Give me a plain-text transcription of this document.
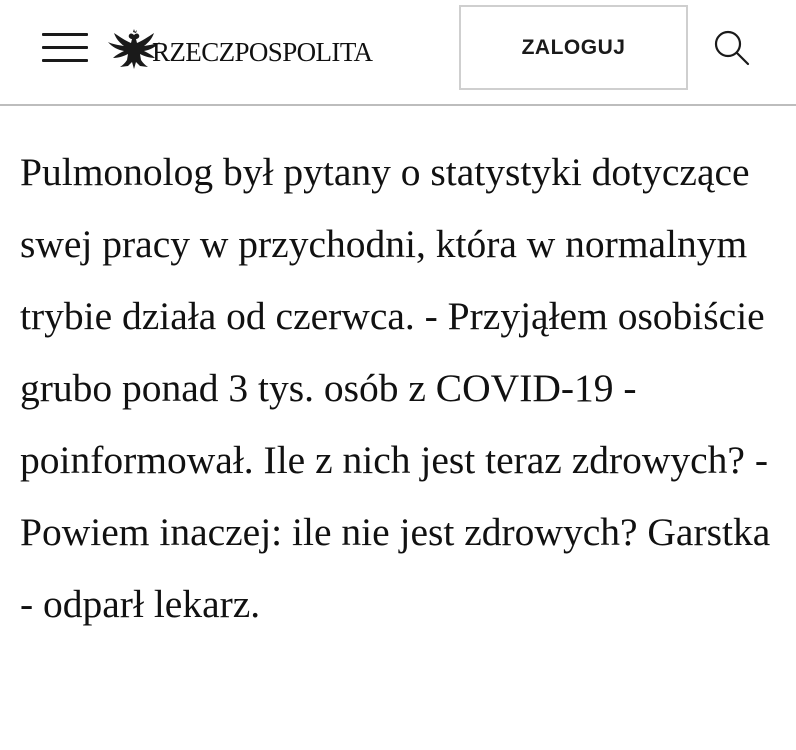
RZECZPOSPOLITA	ZALOGUJ

Pulmonolog był pytany o statystyki dotyczące swej pracy w przychodni, która w normalnym trybie działa od czerwca. - Przyjąłem osobiście grubo ponad 3 tys. osób z COVID-19 - poinformował. Ile z nich jest teraz zdrowych? - Powiem inaczej: ile nie jest zdrowych? Garstka - odparł lekarz.
